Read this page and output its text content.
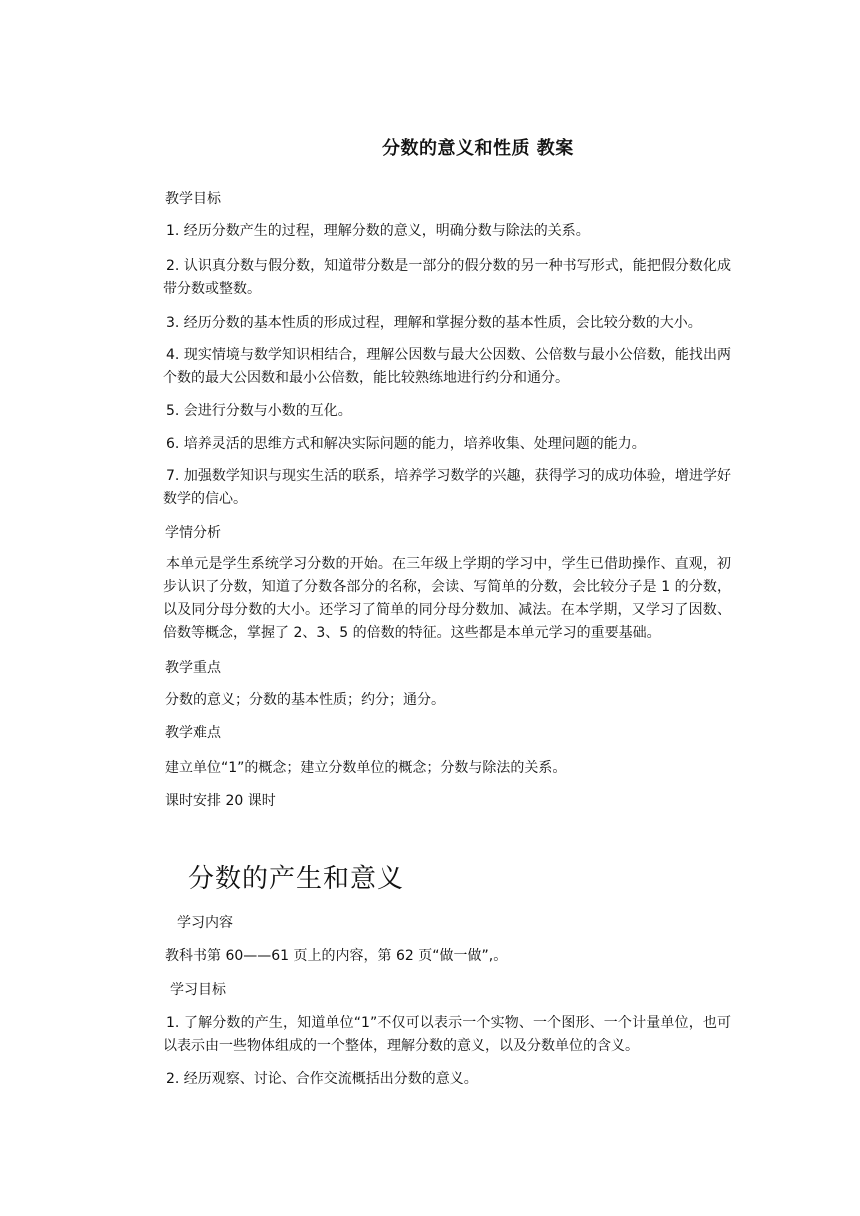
分数的意义和性质 教案
教学目标
1. 经历分数产生的过程，理解分数的意义，明确分数与除法的关系。
2. 认识真分数与假分数，知道带分数是一部分的假分数的另一种书写形式，能把假分数化成带分数或整数。
3. 经历分数的基本性质的形成过程，理解和掌握分数的基本性质，会比较分数的大小。
4. 现实情境与数学知识相结合，理解公因数与最大公因数、公倍数与最小公倍数，能找出两个数的最大公因数和最小公倍数，能比较熟练地进行约分和通分。
5. 会进行分数与小数的互化。
6. 培养灵活的思维方式和解决实际问题的能力，培养收集、处理问题的能力。
7. 加强数学知识与现实生活的联系，培养学习数学的兴趣，获得学习的成功体验，增进学好数学的信心。
学情分析
本单元是学生系统学习分数的开始。在三年级上学期的学习中，学生已借助操作、直观，初步认识了分数，知道了分数各部分的名称，会读、写简单的分数，会比较分子是 1 的分数，以及同分母分数的大小。还学习了简单的同分母分数加、减法。在本学期，又学习了因数、倍数等概念，掌握了 2、3、5 的倍数的特征。这些都是本单元学习的重要基础。
教学重点
分数的意义；分数的基本性质；约分；通分。
教学难点
建立单位“1”的概念；建立分数单位的概念；分数与除法的关系。
课时安排 20 课时
分数的产生和意义
学习内容
教科书第 60——61 页上的内容，第 62 页“做一做”,。
学习目标
1. 了解分数的产生，知道单位“1”不仅可以表示一个实物、一个图形、一个计量单位，也可以表示由一些物体组成的一个整体，理解分数的意义，以及分数单位的含义。
2. 经历观察、讨论、合作交流概括出分数的意义。
